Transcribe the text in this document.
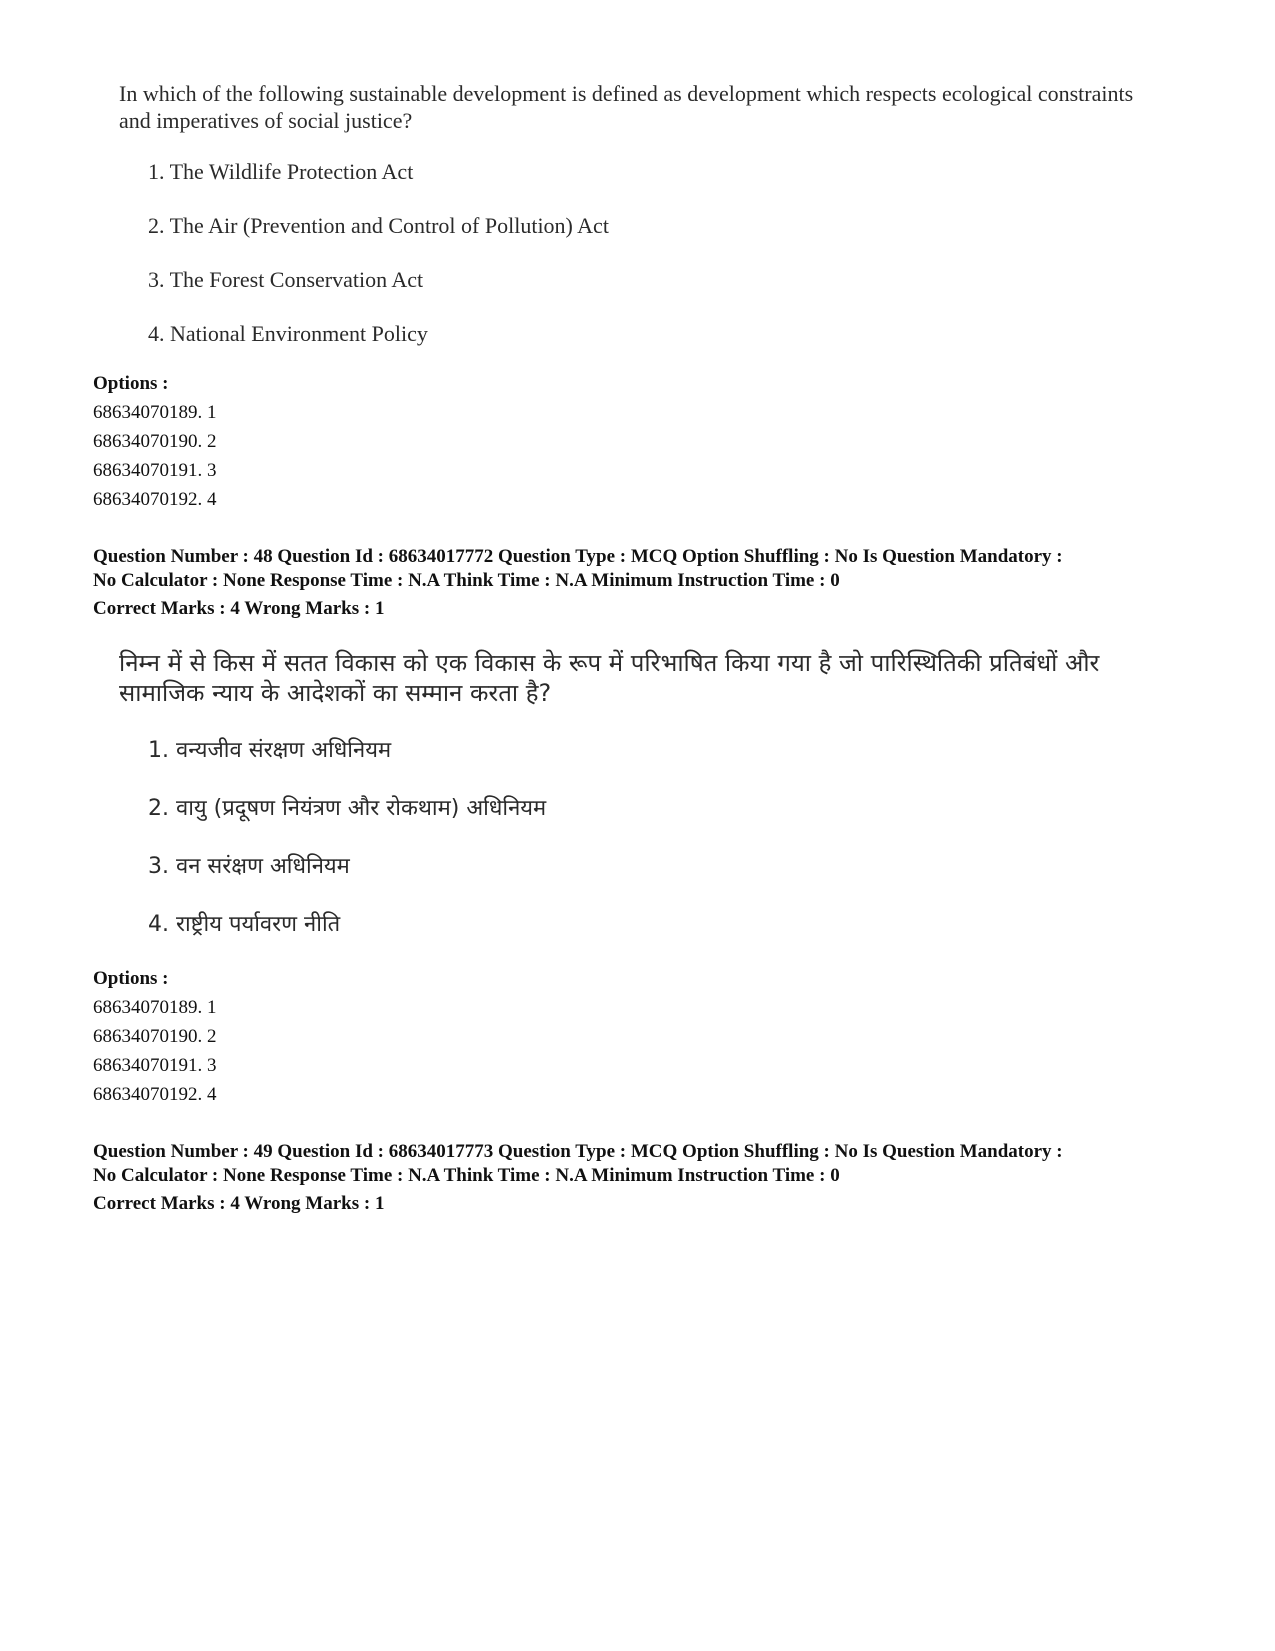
In which of the following sustainable development is defined as development which respects ecological constraints and imperatives of social justice?
1. The Wildlife Protection Act
2. The Air (Prevention and Control of Pollution) Act
3. The Forest Conservation Act
4. National Environment Policy
Options :
68634070189. 1
68634070190. 2
68634070191. 3
68634070192. 4
Question Number : 48 Question Id : 68634017772 Question Type : MCQ Option Shuffling : No Is Question Mandatory :
No Calculator : None Response Time : N.A Think Time : N.A Minimum Instruction Time : 0
Correct Marks : 4 Wrong Marks : 1
निम्न में से किस में सतत विकास को एक विकास के रूप में परिभाषित किया गया है जो पारिस्थितिकी प्रतिबंधों और सामाजिक न्याय के आदेशकों का सम्मान करता है?
1. वन्यजीव संरक्षण अधिनियम
2. वायु (प्रदूषण नियंत्रण और रोकथाम) अधिनियम
3. वन सरंक्षण अधिनियम
4. राष्ट्रीय पर्यावरण नीति
Options :
68634070189. 1
68634070190. 2
68634070191. 3
68634070192. 4
Question Number : 49 Question Id : 68634017773 Question Type : MCQ Option Shuffling : No Is Question Mandatory :
No Calculator : None Response Time : N.A Think Time : N.A Minimum Instruction Time : 0
Correct Marks : 4 Wrong Marks : 1
